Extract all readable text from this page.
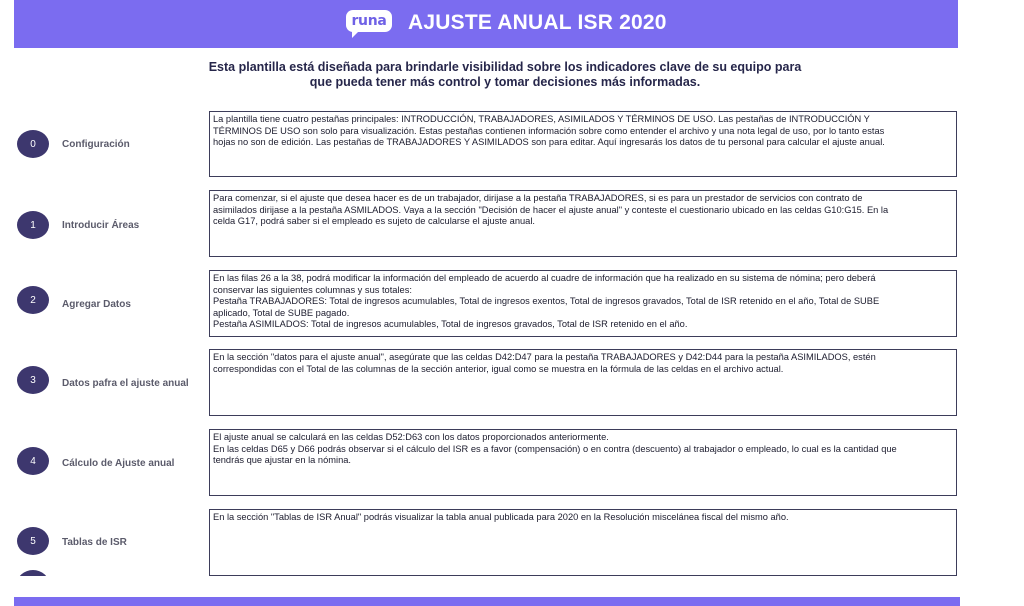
runa AJUSTE ANUAL ISR 2020
Esta plantilla está diseñada para brindarle visibilidad sobre los indicadores clave de su equipo para
que pueda tener más control y tomar decisiones más informadas.
0	Configuración
La plantilla tiene cuatro pestañas principales: INTRODUCCIÓN, TRABAJADORES, ASIMILADOS Y TÉRMINOS DE USO. Las pestañas de INTRODUCCIÓN Y
TÉRMINOS DE USO son solo para visualización. Estas pestañas contienen información sobre como entender el archivo y una nota legal de uso, por lo tanto estas
hojas no son de edición. Las pestañas de TRABAJADORES Y ASIMILADOS son para editar. Aquí ingresarás los datos de tu personal para calcular el ajuste anual.
1	Introducir Áreas
Para comenzar, si el ajuste que desea hacer es de un trabajador, dirijase a la pestaña TRABAJADORES, si es para un prestador de servicios con contrato de
asimilados dirijase a la pestaña ASMILADOS. Vaya a la sección "Decisión de hacer el ajuste anual" y conteste el cuestionario ubicado en las celdas G10:G15. En la
celda G17, podrá saber si el empleado es sujeto de calcularse el ajuste anual.
2	Agregar Datos
En las filas 26 a la 38, podrá modificar la información del empleado de acuerdo al cuadre de información que ha realizado en su sistema de nómina; pero deberá
conservar las siguientes columnas y sus totales:
Pestaña TRABAJADORES: Total de ingresos acumulables, Total de ingresos exentos, Total de ingresos gravados, Total de ISR retenido en el año, Total de SUBE
aplicado, Total de SUBE pagado.
Pestaña ASIMILADOS: Total de ingresos acumulables, Total de ingresos gravados, Total de ISR retenido en el año.
3	Datos pafra el ajuste anual
En la sección "datos para el ajuste anual", asegúrate que las celdas D42:D47 para la pestaña TRABAJADORES y D42:D44 para la pestaña ASIMILADOS, estén
correspondidas con el Total de las columnas de la sección anterior, igual como se muestra en la fórmula de las celdas en el archivo actual.
4	Cálculo de Ajuste anual
El ajuste anual se calculará en las celdas D52:D63 con los datos proporcionados anteriormente.
En las celdas D65 y D66 podrás observar si el cálculo del ISR es a favor (compensación) o en contra (descuento) al trabajador o empleado, lo cual es la cantidad que
tendrás que ajustar en la nómina.
5	Tablas de ISR
En la sección "Tablas de ISR Anual" podrás visualizar la tabla anual publicada para 2020 en la Resolución miscelánea fiscal del mismo año.
